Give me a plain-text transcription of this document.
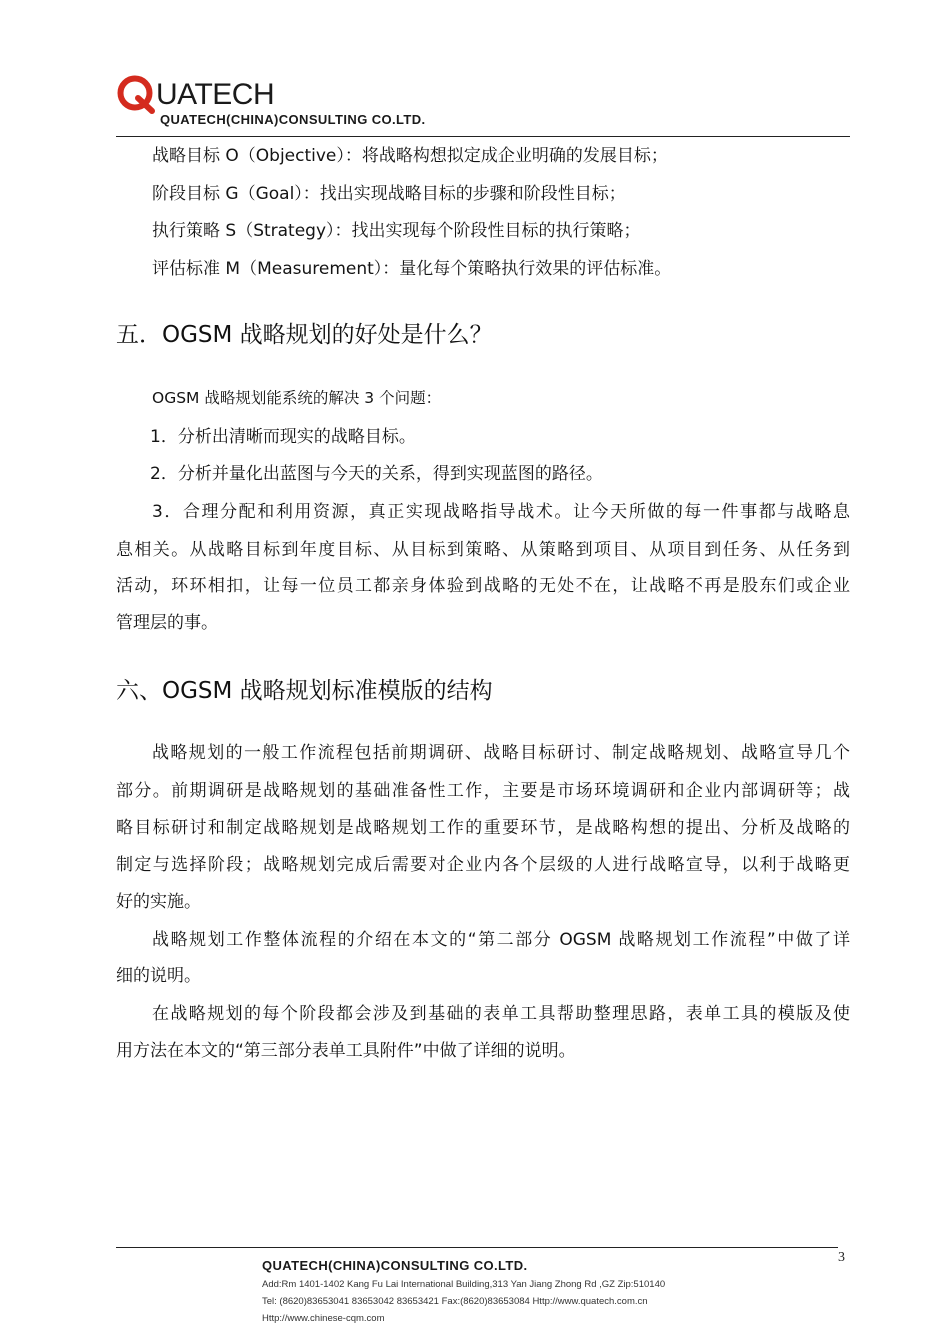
UATECH
QUATECH(CHINA)CONSULTING CO.LTD.
战略目标 O（Objective）：将战略构想拟定成企业明确的发展目标；
阶段目标 G（Goal）：找出实现战略目标的步骤和阶段性目标；
执行策略 S（Strategy）：找出实现每个阶段性目标的执行策略；
评估标准 M（Measurement）：量化每个策略执行效果的评估标准。
五．OGSM 战略规划的好处是什么？
OGSM 战略规划能系统的解决 3 个问题：
1．分析出清晰而现实的战略目标。
2．分析并量化出蓝图与今天的关系，得到实现蓝图的路径。
3．合理分配和利用资源，真正实现战略指导战术。让今天所做的每一件事都与战略息
息相关。从战略目标到年度目标、从目标到策略、从策略到项目、从项目到任务、从任务到
活动，环环相扣，让每一位员工都亲身体验到战略的无处不在，让战略不再是股东们或企业
管理层的事。
六、OGSM 战略规划标准模版的结构
战略规划的一般工作流程包括前期调研、战略目标研讨、制定战略规划、战略宣导几个
部分。前期调研是战略规划的基础准备性工作，主要是市场环境调研和企业内部调研等；战
略目标研讨和制定战略规划是战略规划工作的重要环节，是战略构想的提出、分析及战略的
制定与选择阶段；战略规划完成后需要对企业内各个层级的人进行战略宣导，以利于战略更
好的实施。
战略规划工作整体流程的介绍在本文的“第二部分 OGSM 战略规划工作流程”中做了详
细的说明。
在战略规划的每个阶段都会涉及到基础的表单工具帮助整理思路，表单工具的模版及使
用方法在本文的“第三部分表单工具附件”中做了详细的说明。
3
QUATECH(CHINA)CONSULTING CO.LTD.
Add:Rm 1401-1402 Kang Fu Lai International Building,313 Yan Jiang Zhong Rd ,GZ Zip:510140
Tel: (8620)83653041 83653042 83653421 Fax:(8620)83653084 Http://www.quatech.com.cn
Http://www.chinese-cqm.com
